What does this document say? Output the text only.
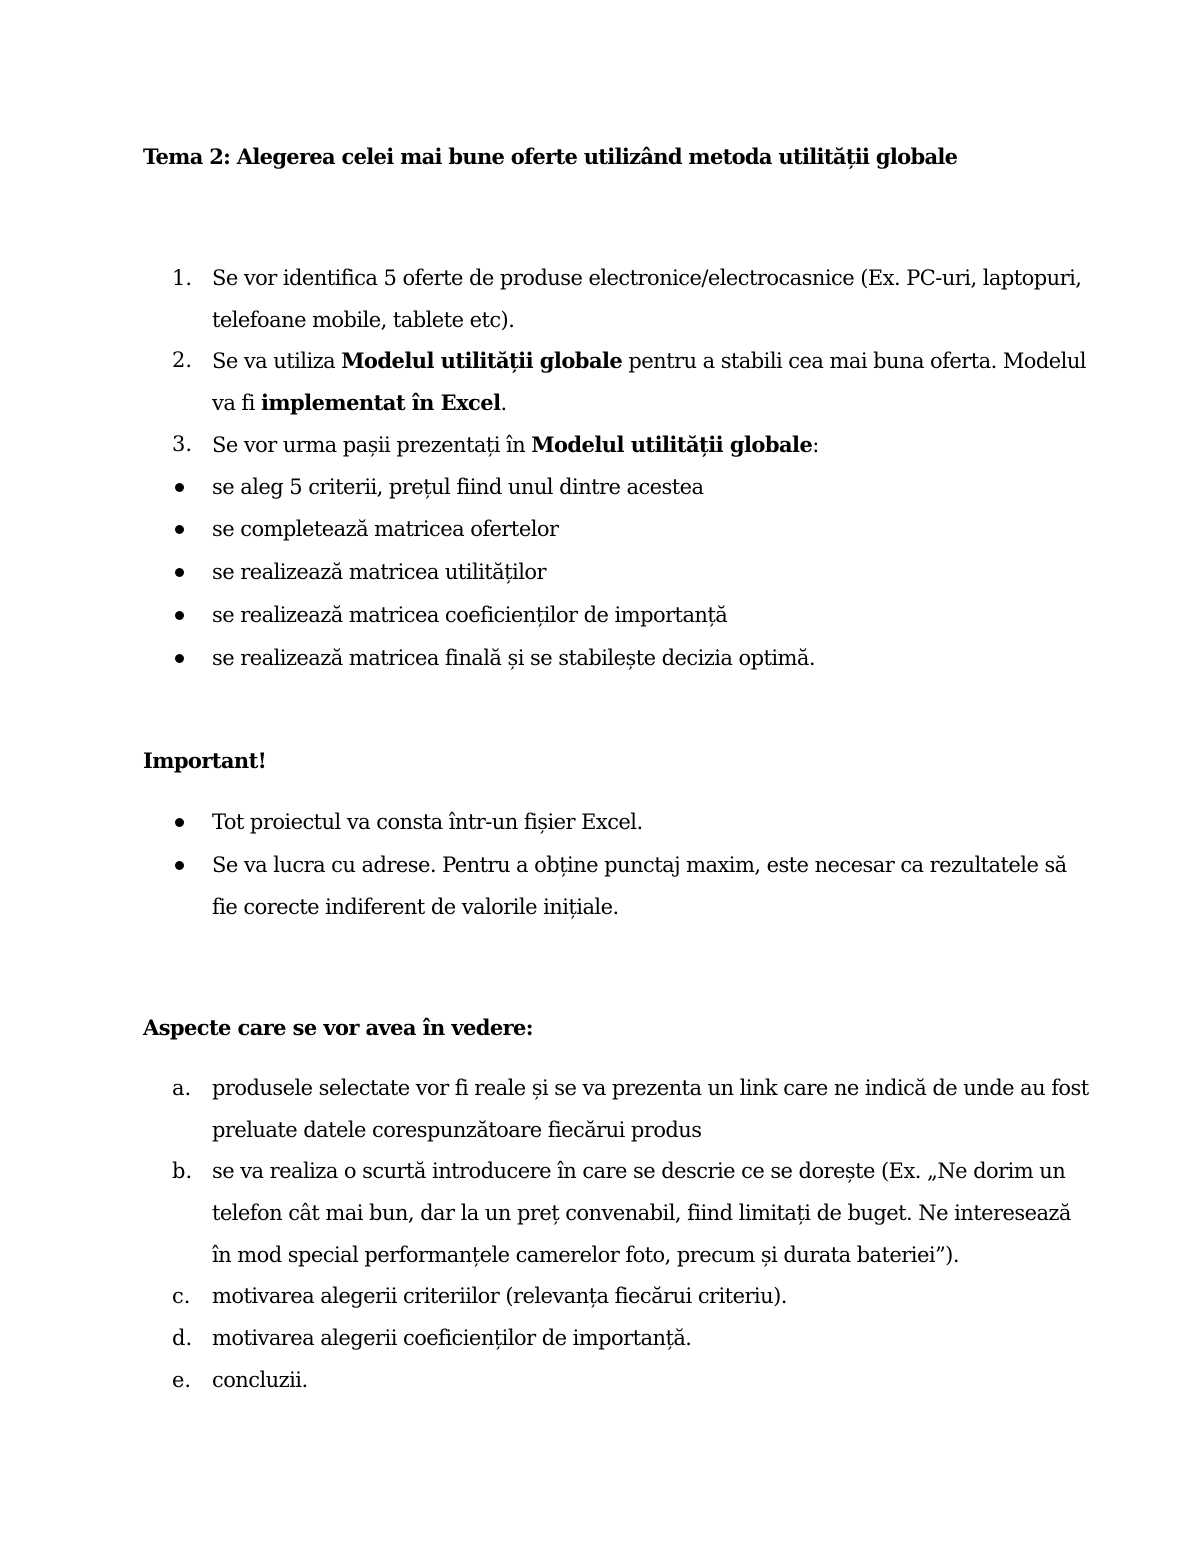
Tema 2: Alegerea celei mai bune oferte utilizând metoda utilității globale
1. Se vor identifica 5 oferte de produse electronice/electrocasnice (Ex. PC-uri, laptopuri,
telefoane mobile, tablete etc).
2. Se va utiliza Modelul utilității globale pentru a stabili cea mai buna oferta. Modelul
va fi implementat în Excel.
3. Se vor urma pașii prezentați în Modelul utilității globale:
se aleg 5 criterii, prețul fiind unul dintre acestea
se completează matricea ofertelor
se realizează matricea utilităților
se realizează matricea coeficienților de importanță
se realizează matricea finală și se stabilește decizia optimă.
Important!
Tot proiectul va consta într-un fișier Excel.
Se va lucra cu adrese. Pentru a obține punctaj maxim, este necesar ca rezultatele să
fie corecte indiferent de valorile inițiale.
Aspecte care se vor avea în vedere:
a. produsele selectate vor fi reale și se va prezenta un link care ne indică de unde au fost
preluate datele corespunzătoare fiecărui produs
b. se va realiza o scurtă introducere în care se descrie ce se dorește (Ex. „Ne dorim un
telefon cât mai bun, dar la un preț convenabil, fiind limitați de buget. Ne interesează
în mod special performanțele camerelor foto, precum și durata bateriei”).
c.	motivarea alegerii criteriilor (relevanța fiecărui criteriu).
d. motivarea alegerii coeficienților de importanță.
e. concluzii.
